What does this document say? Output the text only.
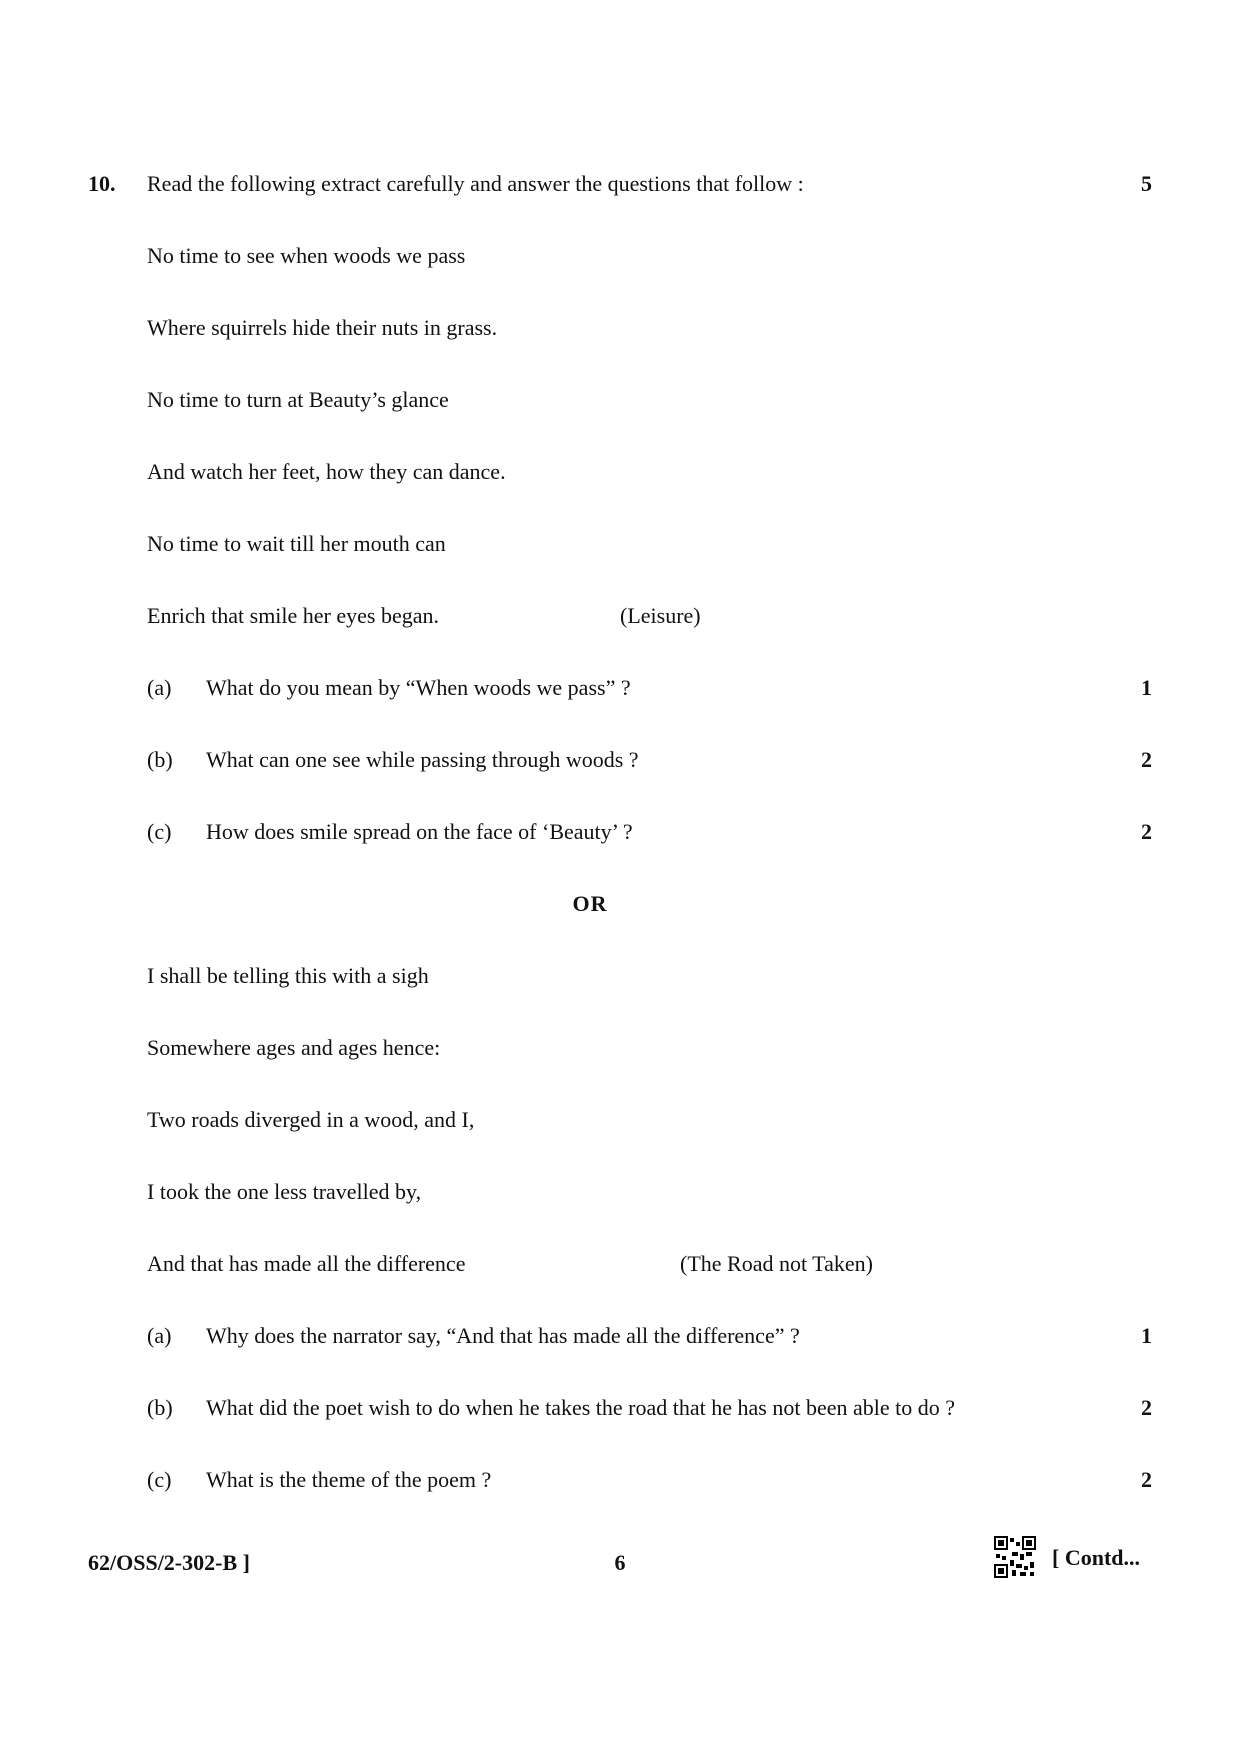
10. Read the following extract carefully and answer the questions that follow :	5
No time to see when woods we pass
Where squirrels hide their nuts in grass.
No time to turn at Beauty’s glance
And watch her feet, how they can dance.
No time to wait till her mouth can
Enrich that smile her eyes began.	(Leisure)
(a) What do you mean by “When woods we pass” ?	1
(b) What can one see while passing through woods ?	2
(c) How does smile spread on the face of ‘Beauty’ ?	2
OR
I shall be telling this with a sigh
Somewhere ages and ages hence:
Two roads diverged in a wood, and I,
I took the one less travelled by,
And that has made all the difference	(The Road not Taken)
(a) Why does the narrator say, “And that has made all the difference” ?	1
(b) What did the poet wish to do when he takes the road that he has not been able to do ?	2
(c) What is the theme of the poem ?	2
62/OSS/2-302-B ]	6	[ Contd...
